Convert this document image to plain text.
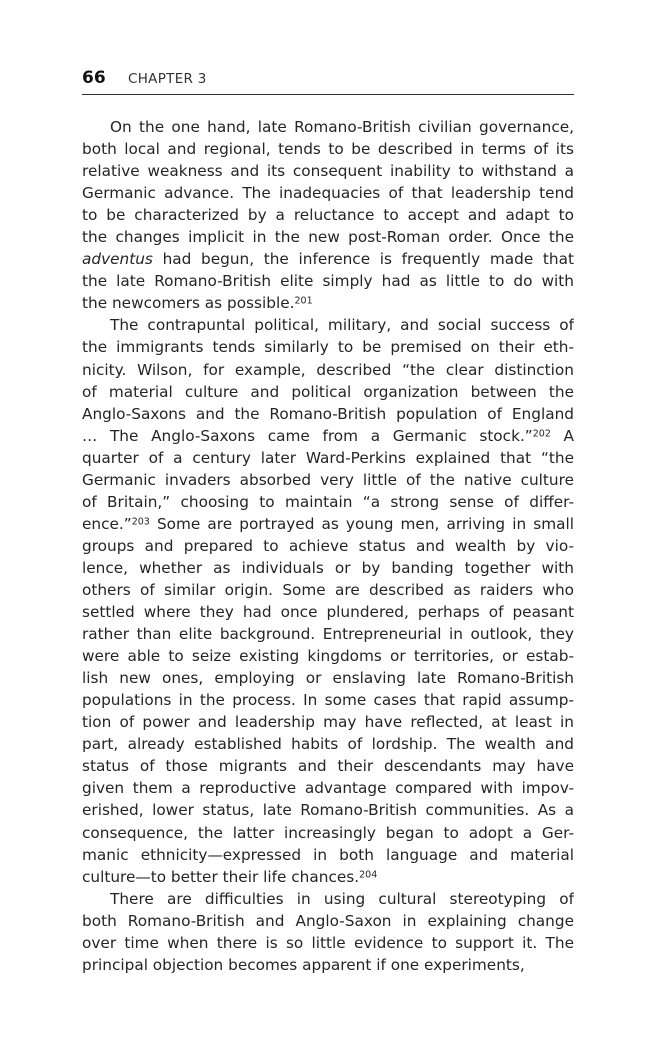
66 CHAPTER 3
On the one hand, late Romano-British civilian governance,
both local and regional, tends to be described in terms of its
relative weakness and its consequent inability to withstand a
Germanic advance. The inadequacies of that leadership tend
to be characterized by a reluctance to accept and adapt to
the changes implicit in the new post-Roman order. Once the
adventus had begun, the inference is frequently made that
the late Romano-British elite simply had as little to do with
the newcomers as possible.$^{201}$
The contrapuntal political, military, and social success of
the immigrants tends similarly to be premised on their eth-
nicity. Wilson, for example, described “the clear distinction
of material culture and political organization between the
Anglo-Saxons and the Romano-British population of England
… The Anglo-Saxons came from a Germanic stock.”$^{202}$ A
quarter of a century later Ward-Perkins explained that “the
Germanic invaders absorbed very little of the native culture
of Britain,” choosing to maintain “a strong sense of differ-
ence.”$^{203}$ Some are portrayed as young men, arriving in small
groups and prepared to achieve status and wealth by vio-
lence, whether as individuals or by banding together with
others of similar origin. Some are described as raiders who
settled where they had once plundered, perhaps of peasant
rather than elite background. Entrepreneurial in outlook, they
were able to seize existing kingdoms or territories, or estab-
lish new ones, employing or enslaving late Romano-British
populations in the process. In some cases that rapid assump-
tion of power and leadership may have reflected, at least in
part, already established habits of lordship. The wealth and
status of those migrants and their descendants may have
given them a reproductive advantage compared with impov-
erished, lower status, late Romano-British communities. As a
consequence, the latter increasingly began to adopt a Ger-
manic ethnicity—expressed in both language and material
culture—to better their life chances.$^{204}$
There are difficulties in using cultural stereotyping of
both Romano-British and Anglo-Saxon in explaining change
over time when there is so little evidence to support it. The
principal objection becomes apparent if one experiments,
